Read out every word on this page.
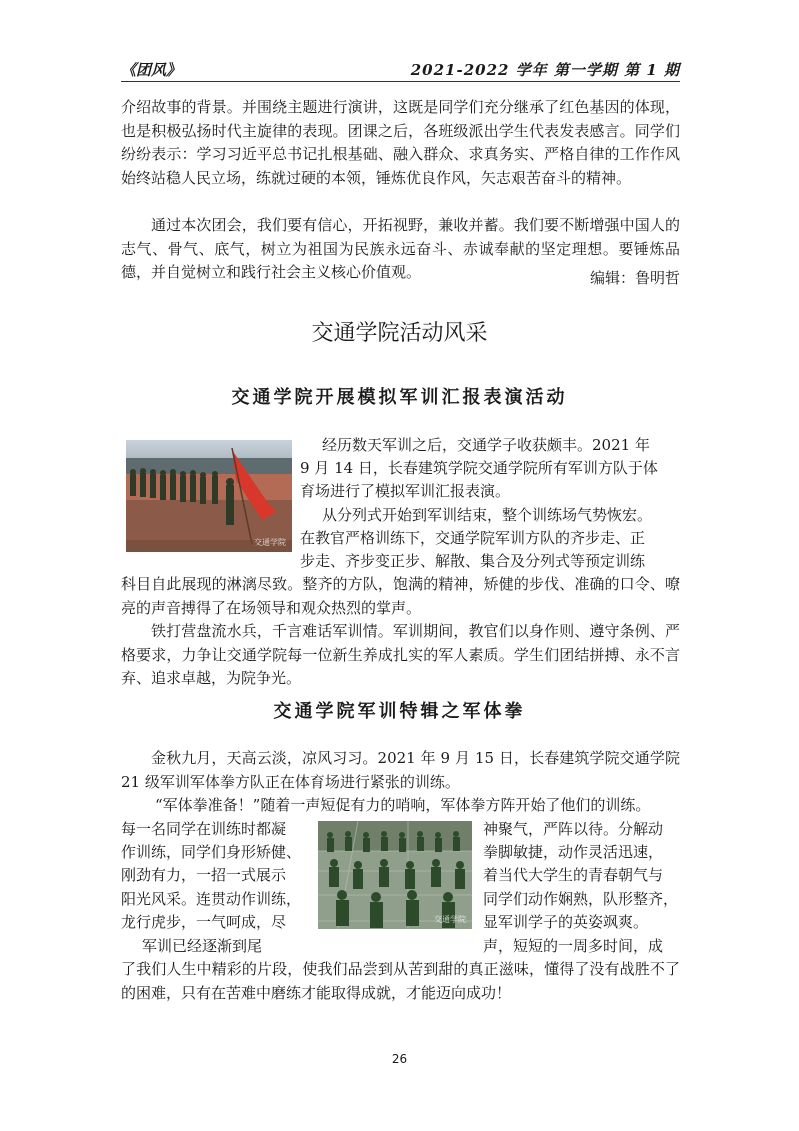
《团风》	2021-2022 学年 第一学期 第 1 期

介绍故事的背景。并围绕主题进行演讲，这既是同学们充分继承了红色基因的体现，也是积极弘扬时代主旋律的表现。团课之后，各班级派出学生代表发表感言。同学们纷纷表示：学习习近平总书记扎根基础、融入群众、求真务实、严格自律的工作作风始终站稳人民立场，练就过硬的本领，锤炼优良作风，矢志艰苦奋斗的精神。

通过本次团会，我们要有信心，开拓视野，兼收并蓄。我们要不断增强中国人的志气、骨气、底气，树立为祖国为民族永远奋斗、赤诚奉献的坚定理想。要锤炼品德，并自觉树立和践行社会主义核心价值观。	编辑：鲁明哲
交通学院活动风采
交通学院开展模拟军训汇报表演活动
交通学院
经历数天军训之后，交通学子收获颇丰。2021 年
9 月 14 日，长春建筑学院交通学院所有军训方队于体
育场进行了模拟军训汇报表演。
从分列式开始到军训结束，整个训练场气势恢宏。
在教官严格训练下，交通学院军训方队的齐步走、正
步走、齐步变正步、解散、集合及分列式等预定训练

科目自此展现的淋漓尽致。整齐的方队，饱满的精神，矫健的步伐、准确的口令、嘹亮的声音搏得了在场领导和观众热烈的掌声。

铁打营盘流水兵，千言难话军训情。军训期间，教官们以身作则、遵守条例、严格要求，力争让交通学院每一位新生养成扎实的军人素质。学生们团结拼搏、永不言弃、追求卓越，为院争光。

交通学院军训特辑之军体拳

金秋九月，天高云淡，凉风习习。2021 年 9 月 15 日，长春建筑学院交通学院 21 级军训军体拳方队正在体育场进行紧张的训练。

“军体拳准备！”随着一声短促有力的哨响，军体拳方阵开始了他们的训练。
每一名同学在训练时都凝
作训练，同学们身形矫健、
刚劲有力，一招一式展示
阳光风采。连贯动作训练，
龙行虎步，一气呵成，尽
军训已经逐渐到尾
交通学院
神聚气，严阵以待。分解动
拳脚敏捷，动作灵活迅速，
着当代大学生的青春朝气与
同学们动作娴熟，队形整齐，
显军训学子的英姿飒爽。
声，短短的一周多时间，成

了我们人生中精彩的片段，使我们品尝到从苦到甜的真正滋味，懂得了没有战胜不了的困难，只有在苦难中磨练才能取得成就，才能迈向成功！

26
